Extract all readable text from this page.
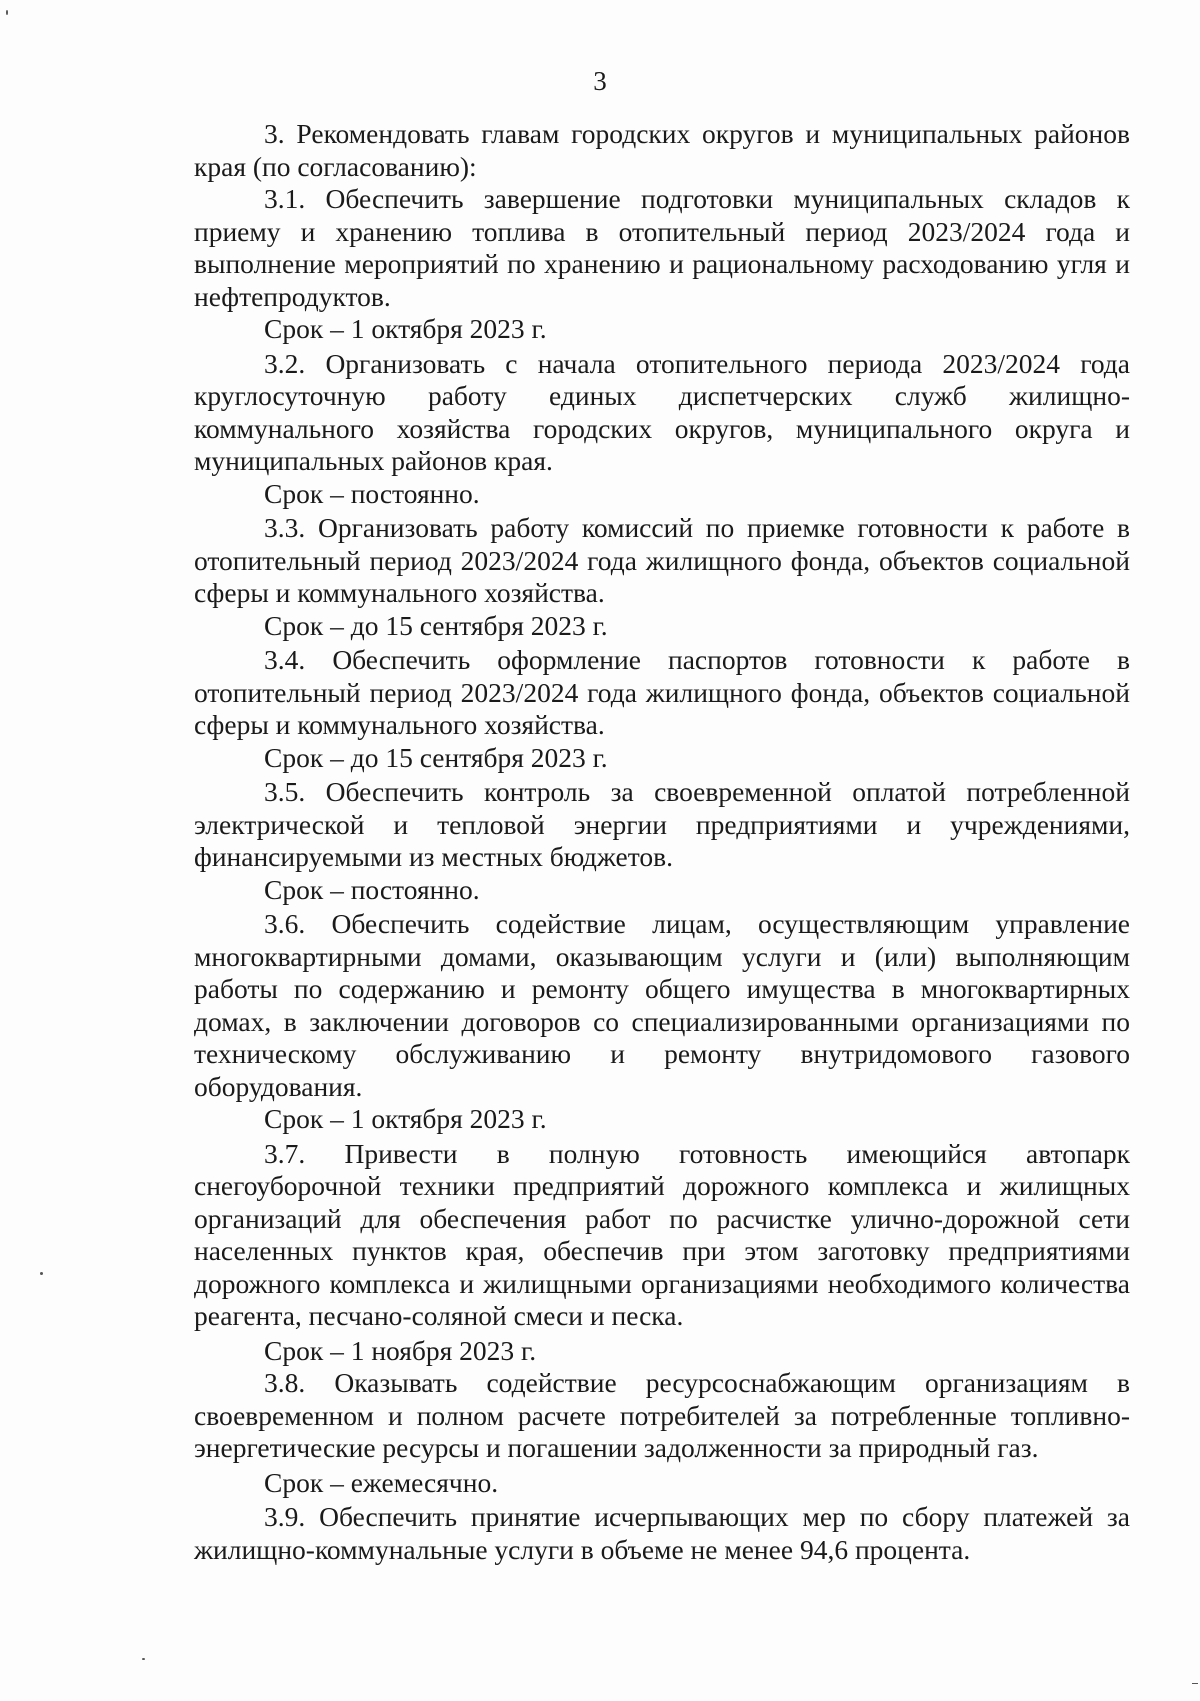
3

3. Рекомендовать главам городских округов и муниципальных районов края (по согласованию):

3.1. Обеспечить завершение подготовки муниципальных складов к приему и хранению топлива в отопительный период 2023/2024 года и выполнение мероприятий по хранению и рациональному расходованию угля и нефтепродуктов.

Срок – 1 октября 2023 г.

3.2. Организовать с начала отопительного периода 2023/2024 года круглосуточную работу единых диспетчерских служб жилищно-коммунального хозяйства городских округов, муниципального округа и муниципальных районов края.

Срок – постоянно.

3.3. Организовать работу комиссий по приемке готовности к работе в отопительный период 2023/2024 года жилищного фонда, объектов социальной сферы и коммунального хозяйства.

Срок – до 15 сентября 2023 г.

3.4. Обеспечить оформление паспортов готовности к работе в отопительный период 2023/2024 года жилищного фонда, объектов социальной сферы и коммунального хозяйства.

Срок – до 15 сентября 2023 г.

3.5. Обеспечить контроль за своевременной оплатой потребленной электрической и тепловой энергии предприятиями и учреждениями, финансируемыми из местных бюджетов.

Срок – постоянно.

3.6. Обеспечить содействие лицам, осуществляющим управление многоквартирными домами, оказывающим услуги и (или) выполняющим работы по содержанию и ремонту общего имущества в многоквартирных домах, в заключении договоров со специализированными организациями по техническому обслуживанию и ремонту внутридомового газового оборудования.

Срок – 1 октября 2023 г.

3.7. Привести в полную готовность имеющийся автопарк снегоуборочной техники предприятий дорожного комплекса и жилищных организаций для обеспечения работ по расчистке улично-дорожной сети населенных пунктов края, обеспечив при этом заготовку предприятиями дорожного комплекса и жилищными организациями необходимого количества реагента, песчано-соляной смеси и песка.

Срок – 1 ноября 2023 г.

3.8. Оказывать содействие ресурсоснабжающим организациям в своевременном и полном расчете потребителей за потребленные топливно-энергетические ресурсы и погашении задолженности за природный газ.

Срок – ежемесячно.

3.9. Обеспечить принятие исчерпывающих мер по сбору платежей за жилищно-коммунальные услуги в объеме не менее 94,6 процента.
